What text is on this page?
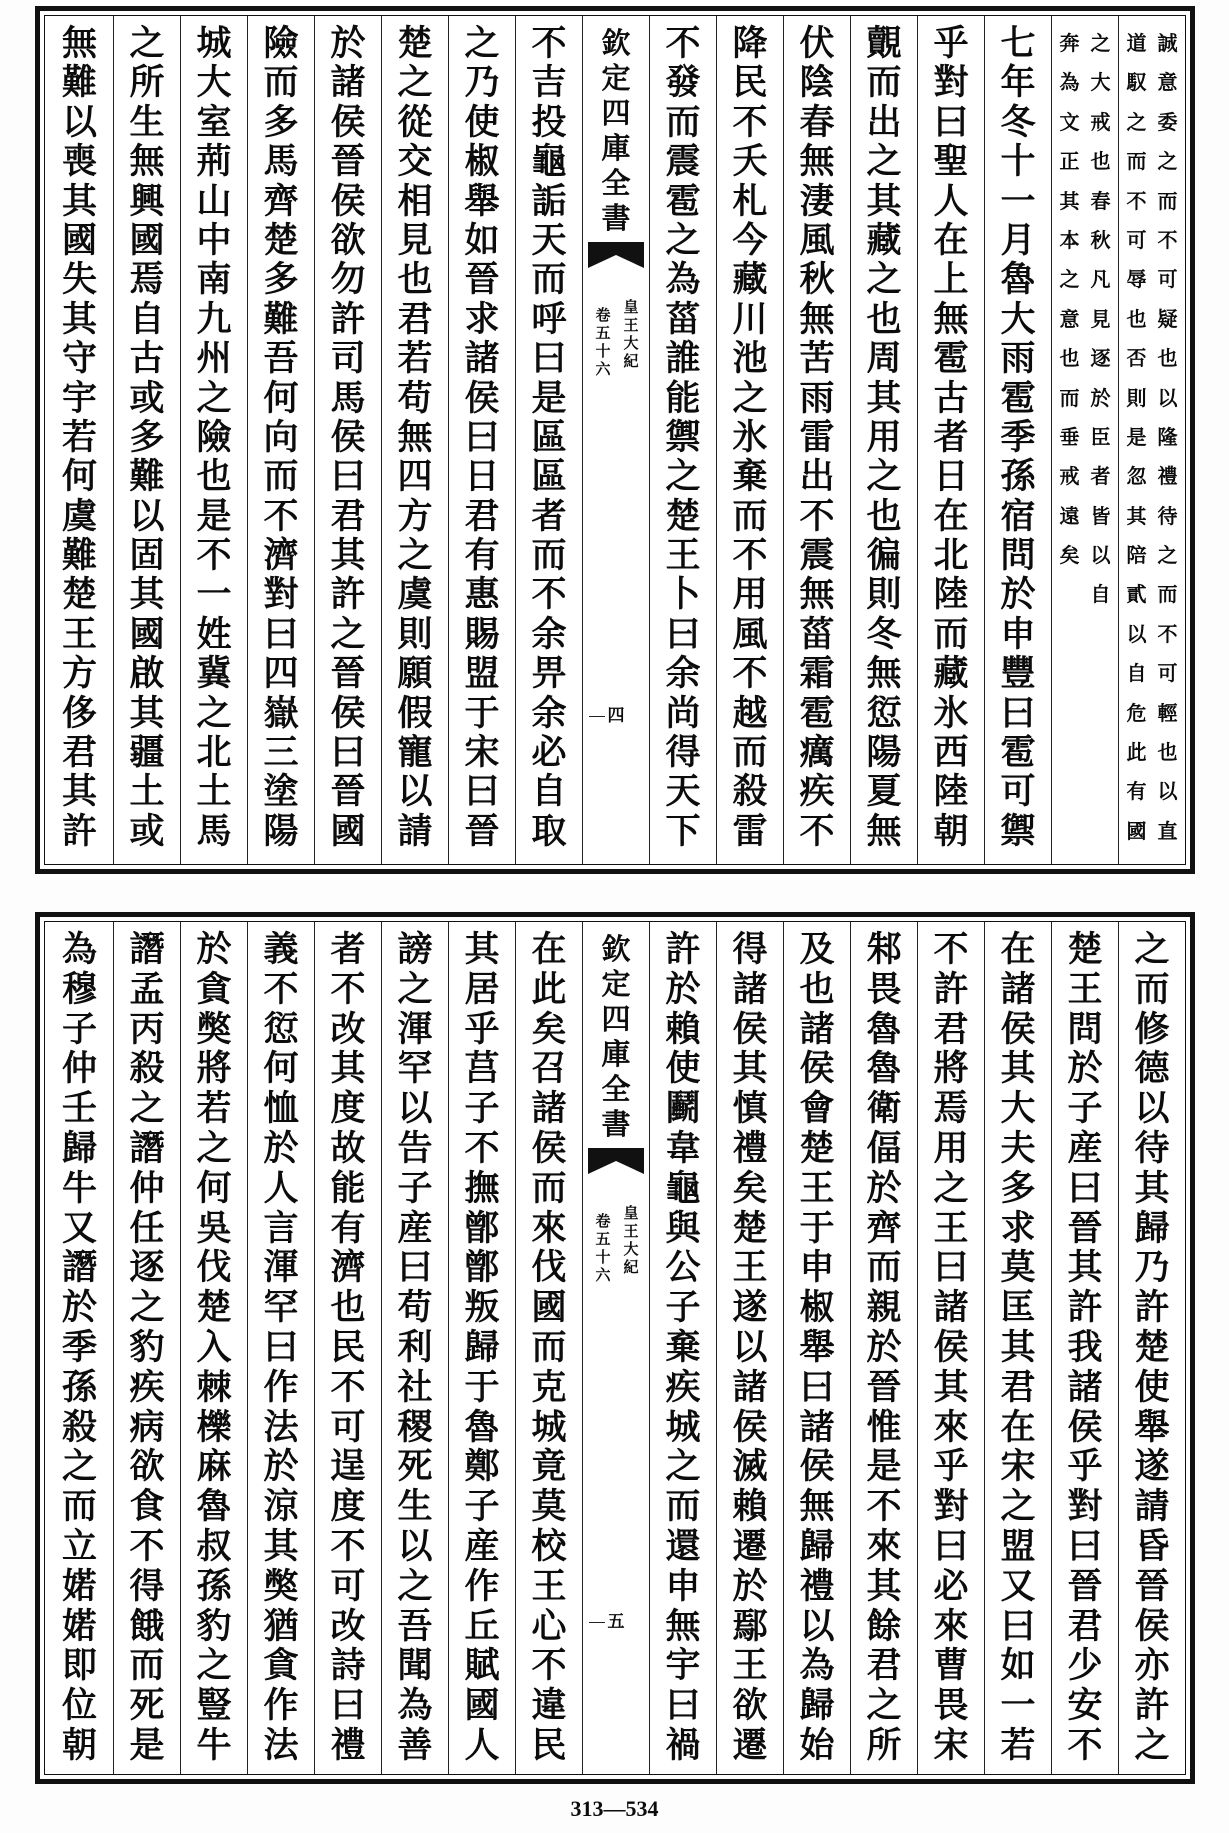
誠
意
委
之
而
不
可
疑
也
以
隆
禮
待
之
而
不
可
輕
也
以
直
道
馭
之
而
不
可
辱
也
否
則
是
忽
其
陪
貳
以
自
危
此
有
國
之
大
戒
也
春
秋
凡
見
逐
於
臣
者
皆
以
自
奔
為
文
正
其
本
之
意
也
而
垂
戒
遠
矣
七
年
冬
十
一
月
魯
大
雨
雹
季
孫
宿
問
於
申
豐
曰
雹
可
禦
乎
對
曰
聖
人
在
上
無
雹
古
者
日
在
北
陸
而
藏
氷
西
陸
朝
覿
而
出
之
其
藏
之
也
周
其
用
之
也
徧
則
冬
無
愆
陽
夏
無
伏
陰
春
無
淒
風
秋
無
苦
雨
雷
出
不
震
無
菑
霜
雹
癘
疾
不
降
民
不
夭
札
今
藏
川
池
之
氷
棄
而
不
用
風
不
越
而
殺
雷
不
發
而
震
雹
之
為
菑
誰
能
禦
之
楚
王
卜
曰
余
尚
得
天
下
欽
定
四
庫
全
書
皇
王
大
紀
卷
五
十
六
四
不
吉
投
龜
詬
天
而
呼
曰
是
區
區
者
而
不
余
畀
余
必
自
取
之
乃
使
椒
舉
如
晉
求
諸
侯
曰
日
君
有
惠
賜
盟
于
宋
曰
晉
楚
之
從
交
相
見
也
君
若
苟
無
四
方
之
虞
則
願
假
寵
以
請
於
諸
侯
晉
侯
欲
勿
許
司
馬
侯
曰
君
其
許
之
晉
侯
曰
晉
國
險
而
多
馬
齊
楚
多
難
吾
何
向
而
不
濟
對
曰
四
嶽
三
塗
陽
城
大
室
荊
山
中
南
九
州
之
險
也
是
不
一
姓
冀
之
北
土
馬
之
所
生
無
興
國
焉
自
古
或
多
難
以
固
其
國
啟
其
疆
土
或
無
難
以
喪
其
國
失
其
守
宇
若
何
虞
難
楚
王
方
侈
君
其
許
之
而
修
德
以
待
其
歸
乃
許
楚
使
舉
遂
請
昏
晉
侯
亦
許
之
楚
王
問
於
子
産
曰
晉
其
許
我
諸
侯
乎
對
曰
晉
君
少
安
不
在
諸
侯
其
大
夫
多
求
莫
匡
其
君
在
宋
之
盟
又
曰
如
一
若
不
許
君
將
焉
用
之
王
曰
諸
侯
其
來
乎
對
曰
必
來
曹
畏
宋
邾
畏
魯
魯
衛
偪
於
齊
而
親
於
晉
惟
是
不
來
其
餘
君
之
所
及
也
諸
侯
會
楚
王
于
申
椒
舉
曰
諸
侯
無
歸
禮
以
為
歸
始
得
諸
侯
其
慎
禮
矣
楚
王
遂
以
諸
侯
滅
賴
遷
於
鄢
王
欲
遷
許
於
賴
使
鬬
韋
龜
與
公
子
棄
疾
城
之
而
還
申
無
宇
曰
禍
欽
定
四
庫
全
書
皇
王
大
紀
卷
五
十
六
五
在
此
矣
召
諸
侯
而
來
伐
國
而
克
城
竟
莫
校
王
心
不
違
民
其
居
乎
莒
子
不
撫
鄫
鄫
叛
歸
于
魯
鄭
子
産
作
丘
賦
國
人
謗
之
渾
罕
以
告
子
産
曰
苟
利
社
稷
死
生
以
之
吾
聞
為
善
者
不
改
其
度
故
能
有
濟
也
民
不
可
逞
度
不
可
改
詩
曰
禮
義
不
愆
何
恤
於
人
言
渾
罕
曰
作
法
於
涼
其
獘
猶
貪
作
法
於
貪
獘
將
若
之
何
吳
伐
楚
入
棘
櫟
麻
魯
叔
孫
豹
之
豎
牛
譖
孟
丙
殺
之
譖
仲
任
逐
之
豹
疾
病
欲
食
不
得
餓
而
死
是
為
穆
子
仲
壬
歸
牛
又
譖
於
季
孫
殺
之
而
立
婼
婼
即
位
朝
313—534
